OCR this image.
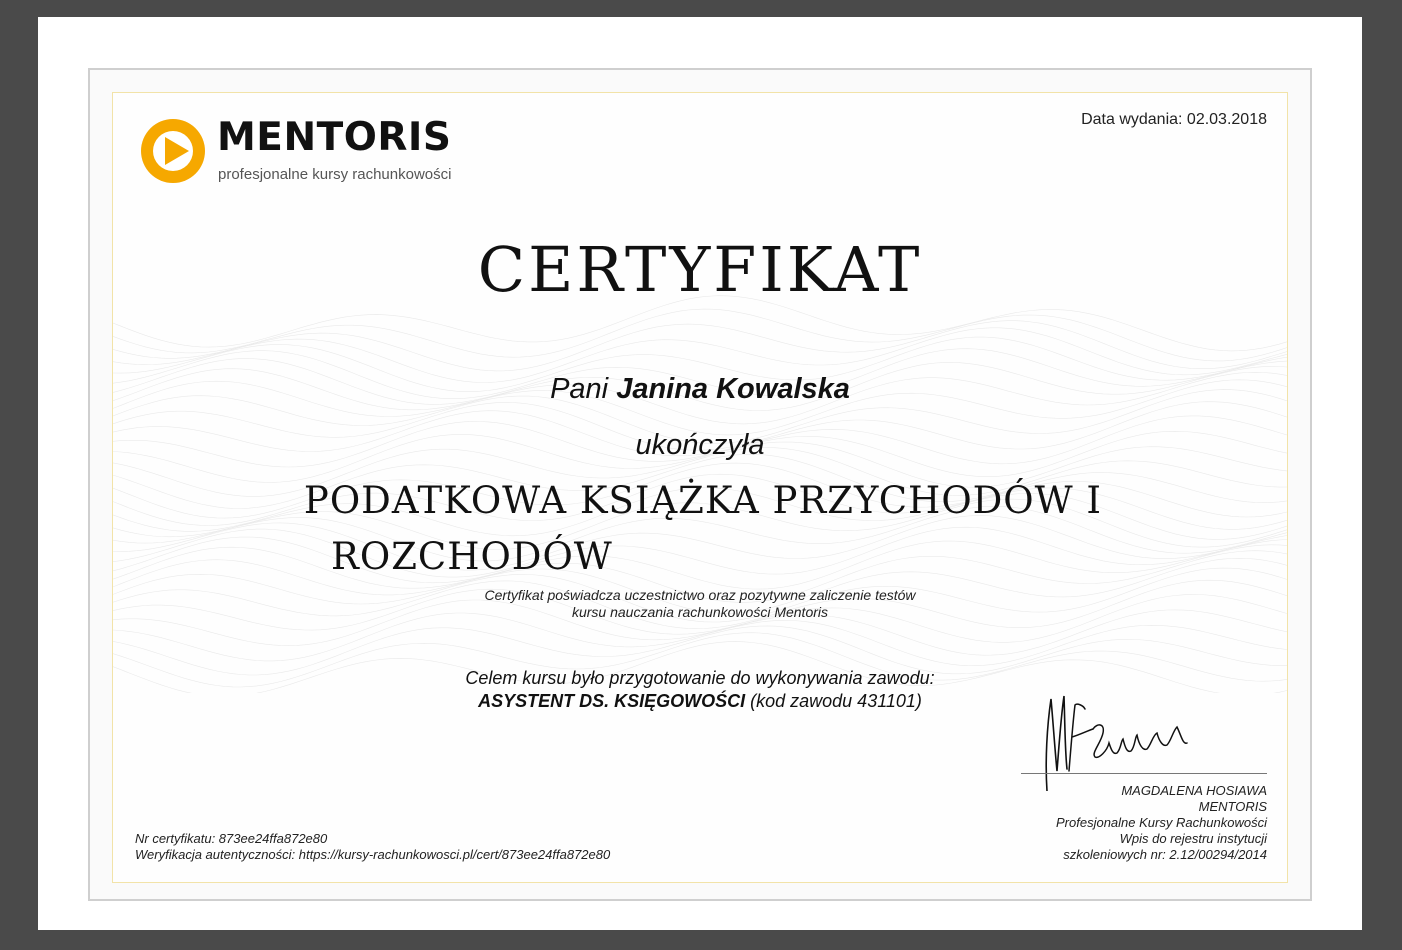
MENTORIS
profesjonalne kursy rachunkowości
Data wydania: 02.03.2018
CERTYFIKAT
Pani Janina Kowalska
ukończyła
PODATKOWA KSIĄŻKA PRZYCHODÓW I
ROZCHODÓW
Certyfikat poświadcza uczestnictwo oraz pozytywne zaliczenie testów
kursu nauczania rachunkowości Mentoris
Celem kursu było przygotowanie do wykonywania zawodu:
ASYSTENT DS. KSIĘGOWOŚCI (kod zawodu 431101)
MAGDALENA HOSIAWA
MENTORIS
Profesjonalne Kursy Rachunkowości
Wpis do rejestru instytucji
szkoleniowych nr: 2.12/00294/2014
Nr certyfikatu: 873ee24ffa872e80
Weryfikacja autentyczności: https://kursy-rachunkowosci.pl/cert/873ee24ffa872e80
